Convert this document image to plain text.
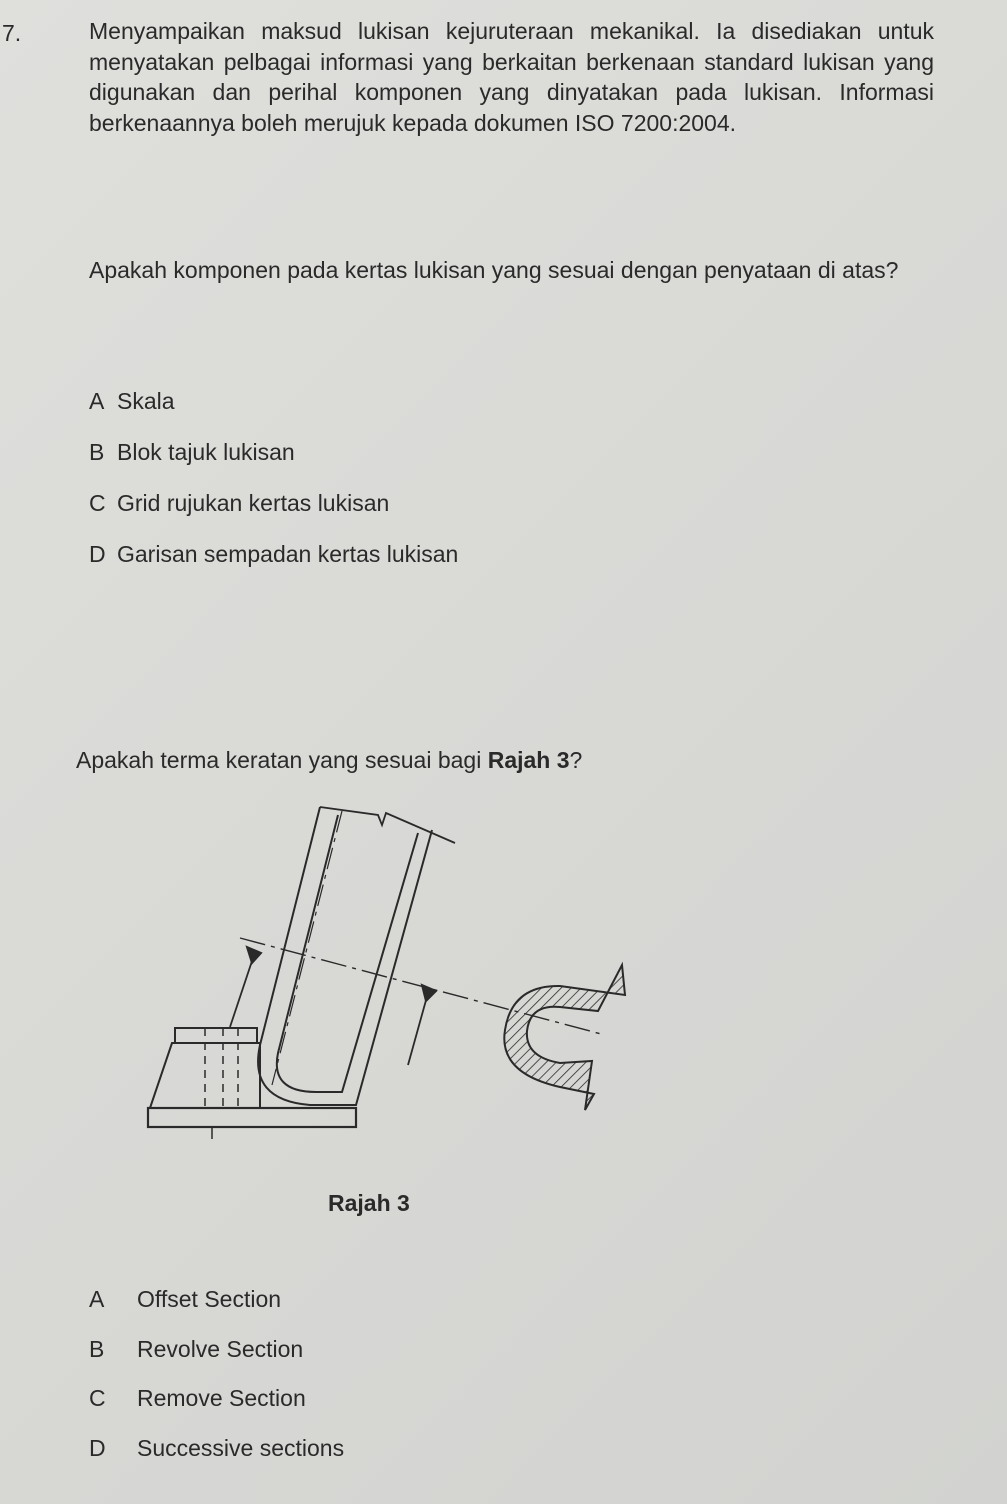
7.	Menyampaikan maksud lukisan kejuruteraan mekanikal. Ia disediakan untuk menyatakan pelbagai informasi yang berkaitan berkenaan standard lukisan yang digunakan dan perihal komponen yang dinyatakan pada lukisan. Informasi berkenaannya boleh merujuk kepada dokumen ISO 7200:2004.
Apakah komponen pada kertas lukisan yang sesuai dengan penyataan di atas?
A Skala
B Blok tajuk lukisan
C Grid rujukan kertas lukisan
D Garisan sempadan kertas lukisan
Apakah terma keratan yang sesuai bagi Rajah 3?
Rajah 3
A	Offset Section
B	Revolve Section
C	Remove Section
D	Successive sections
